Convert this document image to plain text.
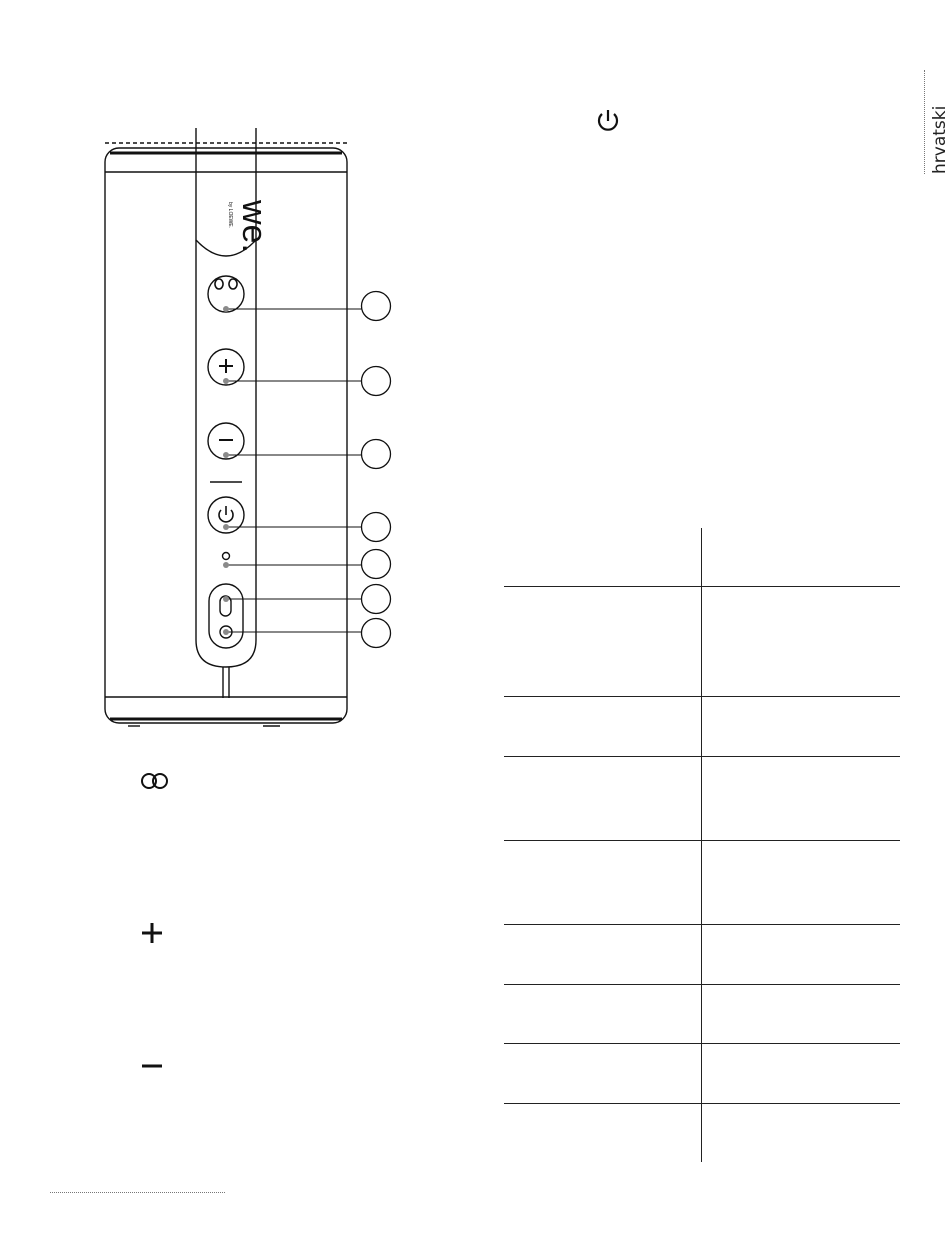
we.
by LOEWE.
hrvatski
